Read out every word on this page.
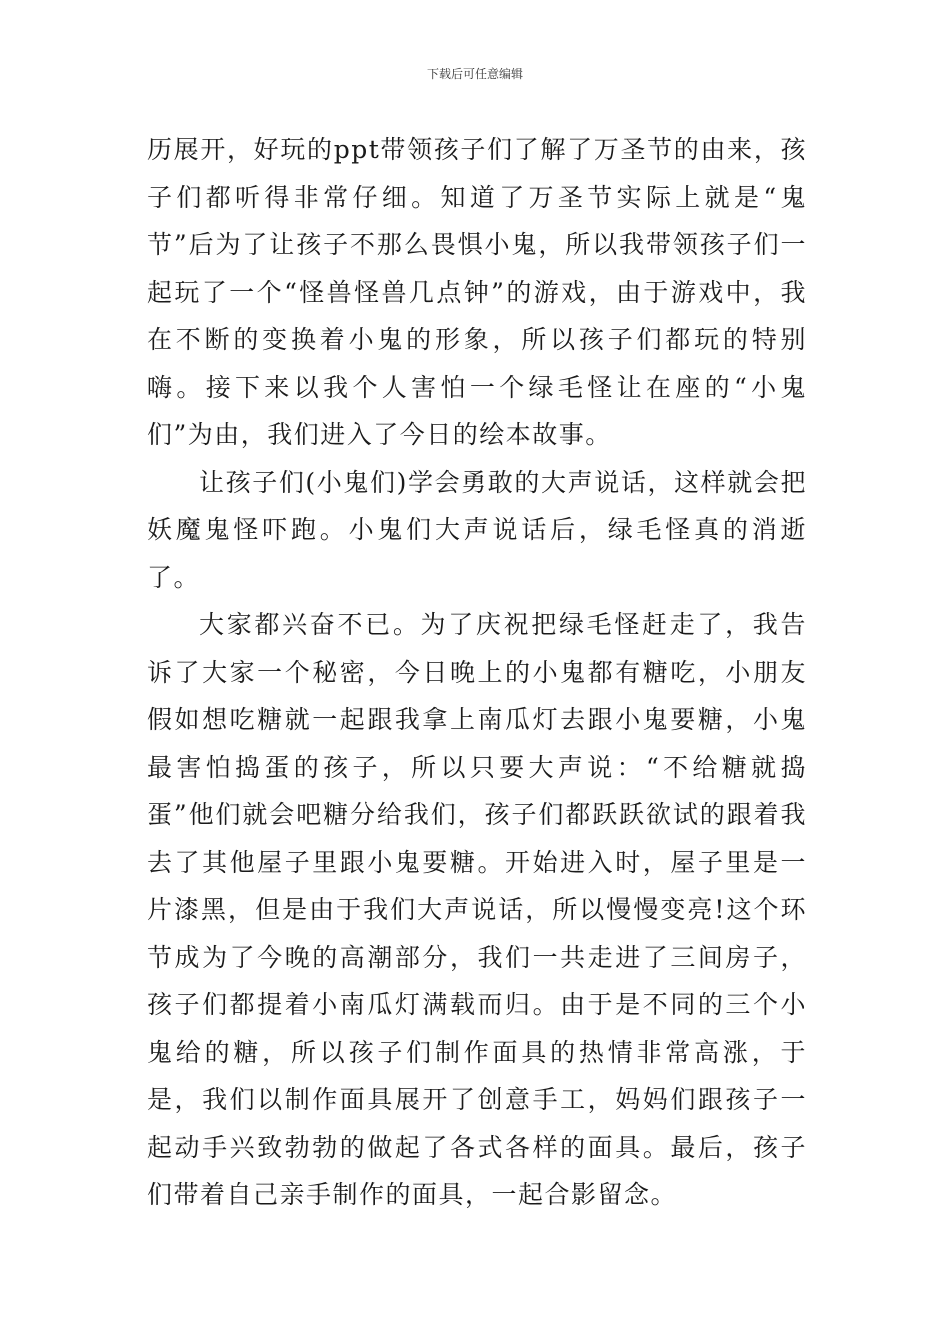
下载后可任意编辑

历展开，好玩的ppt带领孩子们了解了万圣节的由来，孩子们都听得非常仔细。知道了万圣节实际上就是“鬼节”后为了让孩子不那么畏惧小鬼，所以我带领孩子们一起玩了一个“怪兽怪兽几点钟”的游戏，由于游戏中，我在不断的变换着小鬼的形象，所以孩子们都玩的特别嗨。接下来以我个人害怕一个绿毛怪让在座的“小鬼们”为由，我们进入了今日的绘本故事。

让孩子们(小鬼们)学会勇敢的大声说话，这样就会把妖魔鬼怪吓跑。小鬼们大声说话后，绿毛怪真的消逝了。

大家都兴奋不已。为了庆祝把绿毛怪赶走了，我告诉了大家一个秘密，今日晚上的小鬼都有糖吃，小朋友假如想吃糖就一起跟我拿上南瓜灯去跟小鬼要糖，小鬼最害怕捣蛋的孩子，所以只要大声说：“不给糖就捣蛋”他们就会吧糖分给我们，孩子们都跃跃欲试的跟着我去了其他屋子里跟小鬼要糖。开始进入时，屋子里是一片漆黑，但是由于我们大声说话，所以慢慢变亮!这个环节成为了今晚的高潮部分，我们一共走进了三间房子，孩子们都提着小南瓜灯满载而归。由于是不同的三个小鬼给的糖，所以孩子们制作面具的热情非常高涨，于是，我们以制作面具展开了创意手工，妈妈们跟孩子一起动手兴致勃勃的做起了各式各样的面具。最后，孩子们带着自己亲手制作的面具，一起合影留念。
